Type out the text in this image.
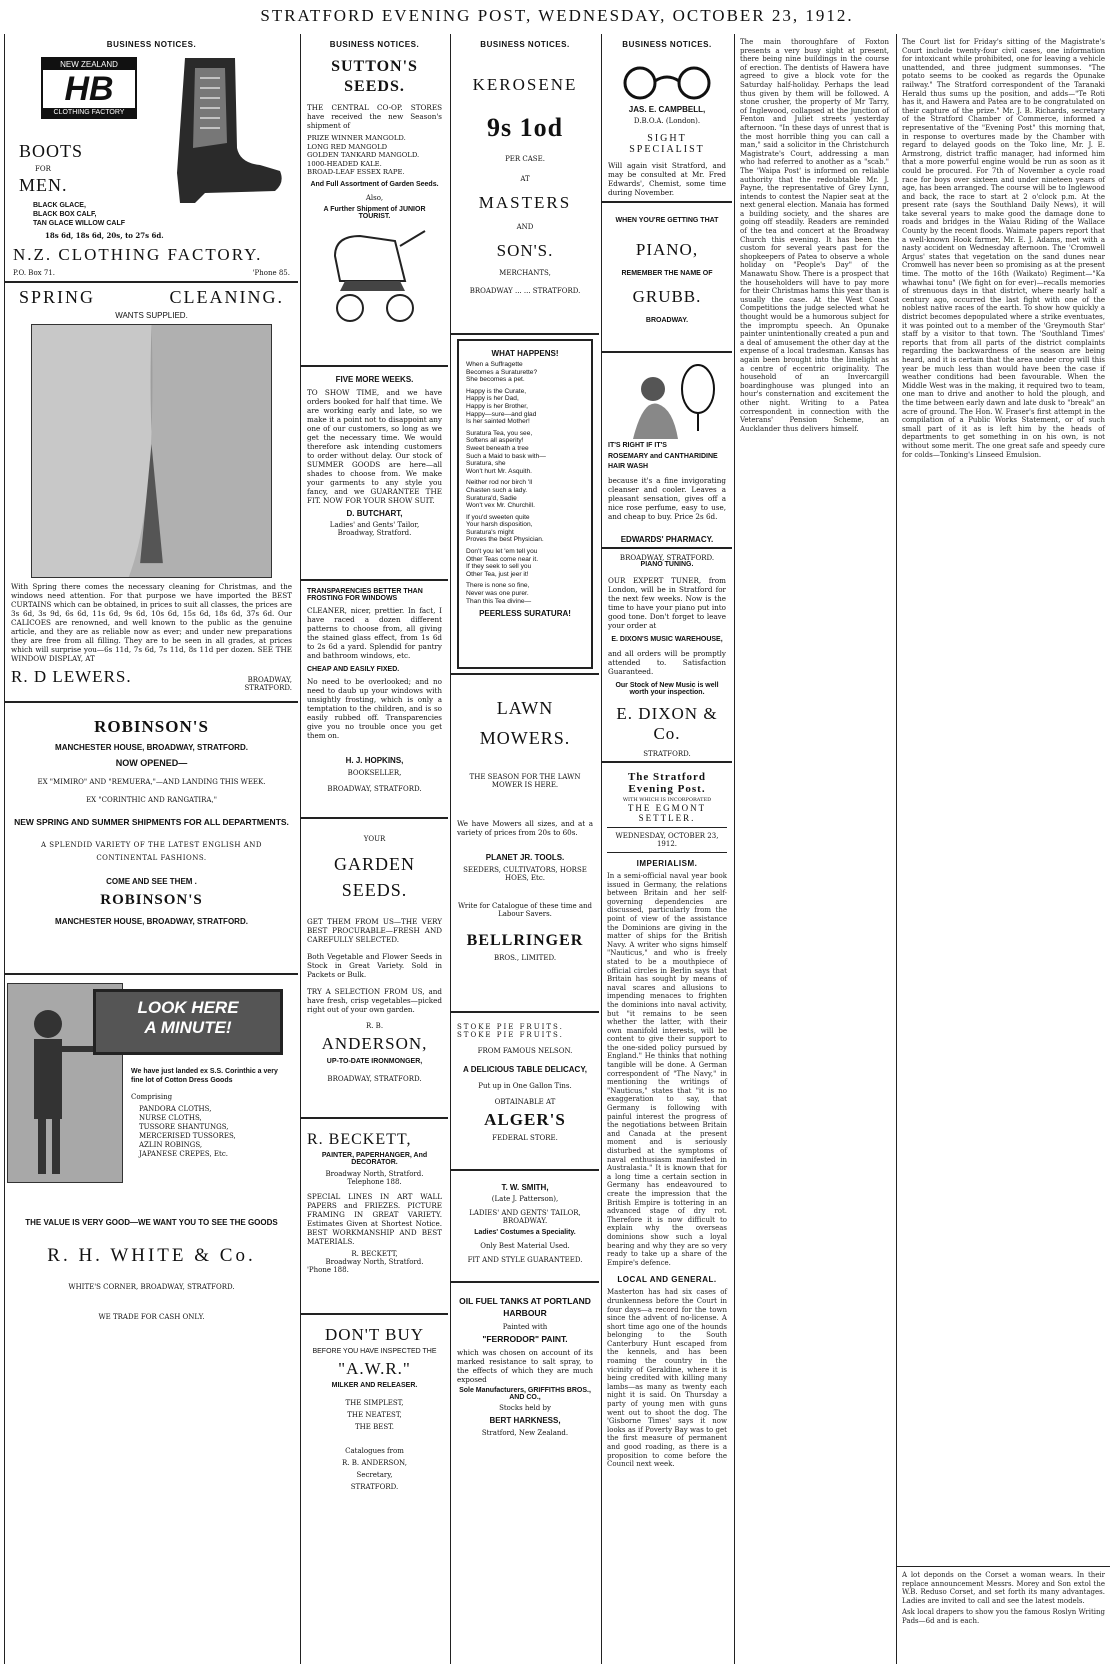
STRATFORD EVENING POST, WEDNESDAY, OCTOBER 23, 1912.
BUSINESS NOTICES.
NEW ZEALAND
HB
CLOTHING FACTORY
BOOTS
FOR
MEN.
BLACK GLACE,
BLACK BOX CALF,
TAN GLACE WILLOW CALF
18s 6d, 18s 6d, 20s, to 27s 6d.
N.Z. CLOTHING FACTORY.
P.O. Box 71.	'Phone 85.
SPRING	CLEANING.
WANTS SUPPLIED.
With Spring there comes the necessary cleaning for Christmas, and the windows need attention. For that purpose we have imported the BEST CURTAINS which can be obtained, in prices to suit all classes, the prices are 3s 6d, 3s 9d, 6s 6d, 11s 6d, 9s 6d, 10s 6d, 15s 6d, 18s 6d, 37s 6d. Our CALICOES are renowned, and well known to the public as the genuine article, and they are as reliable now as ever; and under new preparations they are free from all filling. They are to be seen in all grades, at prices which will surprise you—6s 11d, 7s 6d, 7s 11d, 8s 11d per dozen. SEE THE WINDOW DISPLAY, AT
R. D LEWERS.	BROADWAY,
STRATFORD.
ROBINSON'S
MANCHESTER HOUSE, BROADWAY, STRATFORD.
NOW OPENED—
EX "MIMIRO" AND "REMUERA,"—AND LANDING THIS WEEK.
EX "CORINTHIC AND RANGATIRA,"
NEW SPRING AND SUMMER SHIPMENTS FOR ALL DEPARTMENTS.
A SPLENDID VARIETY OF THE LATEST ENGLISH AND CONTINENTAL FASHIONS.
COME AND SEE THEM .
ROBINSON'S
MANCHESTER HOUSE, BROADWAY, STRATFORD.
LOOK HERE
A MINUTE!
We have just landed ex S.S. Corinthic a very fine lot of Cotton Dress Goods
Comprising
PANDORA CLOTHS,
NURSE CLOTHS,
TUSSORE SHANTUNGS,
MERCERISED TUSSORES,
AZLIN ROBINGS,
JAPANESE CREPES, Etc.
THE VALUE IS VERY GOOD—WE WANT YOU TO SEE THE GOODS
R. H. WHITE & Co.
WHITE'S CORNER, BROADWAY, STRATFORD.
WE TRADE FOR CASH ONLY.
BUSINESS NOTICES.
SUTTON'S SEEDS.
THE CENTRAL CO-OP. STORES have received the new Season's shipment of
PRIZE WINNER MANGOLD.
LONG RED MANGOLD
GOLDEN TANKARD MANGOLD.
1000-HEADED KALE.
BROAD-LEAF ESSEX RAPE.
And Full Assortment of Garden Seeds.
Also,
A Further Shipment of JUNIOR TOURIST.
FIVE MORE WEEKS.
TO SHOW TIME, and we have orders booked for half that time. We are working early and late, so we make it a point not to disappoint any one of our customers, so long as we get the necessary time. We would therefore ask intending customers to order without delay. Our stock of SUMMER GOODS are here—all shades to choose from. We make your garments to any style you fancy, and we GUARANTEE THE FIT. NOW FOR YOUR SHOW SUIT.
D. BUTCHART,
Ladies' and Gents' Tailor,
Broadway, Stratford.
TRANSPARENCIES BETTER THAN FROSTING FOR WINDOWS
CLEANER, nicer, prettier. In fact, I have raced a dozen different patterns to choose from, all giving the stained glass effect, from 1s 6d to 2s 6d a yard. Splendid for pantry and bathroom windows, etc.
CHEAP AND EASILY FIXED.
No need to be overlooked; and no need to daub up your windows with unsightly frosting, which is only a temptation to the children, and is so easily rubbed off. Transparencies give you no trouble once you get them on.
H. J. HOPKINS,
BOOKSELLER,
BROADWAY, STRATFORD.
YOUR
GARDEN SEEDS.
GET THEM FROM US—THE VERY BEST PROCURABLE—FRESH AND CAREFULLY SELECTED.
Both Vegetable and Flower Seeds in Stock in Great Variety. Sold in Packets or Bulk.
TRY A SELECTION FROM US, and have fresh, crisp vegetables—picked right out of your own garden.
R. B.
ANDERSON,
UP-TO-DATE IRONMONGER,
BROADWAY, STRATFORD.
R. BECKETT,
PAINTER, PAPERHANGER, And DECORATOR.
Broadway North, Stratford. Telephone 188.
SPECIAL LINES IN ART WALL PAPERS and FRIEZES. PICTURE FRAMING IN GREAT VARIETY. Estimates Given at Shortest Notice. BEST WORKMANSHIP AND BEST MATERIALS.
R. BECKETT,
Broadway North, Stratford.
'Phone 188.
DON'T BUY
BEFORE YOU HAVE INSPECTED THE
"A.W.R."
MILKER AND RELEASER.
THE SIMPLEST,
THE NEATEST,
THE BEST.
Catalogues from
R. B. ANDERSON,
Secretary,
STRATFORD.
BUSINESS NOTICES.
KEROSENE
9s 1od
PER CASE.
AT
MASTERS
AND
SON'S.
MERCHANTS,
BROADWAY ... ... STRATFORD.
WHAT HAPPENS!
When a Suffragette
Becomes a Suraturette?
She becomes a pet.
Happy is the Curate,
Happy is her Dad,
Happy is her Brother,
Happy—sure—and glad
Is her sainted Mother!
Suratura Tea, you see,
Softens all asperity!
Sweet beneath a tree
Such a Maid to bask with—
Suratura, she
Won't hurt Mr. Asquith.
Neither rod nor birch 'll
Chasten such a lady.
Suratura'd, Sadie
Won't vex Mr. Churchill.
If you'd sweeten quite
Your harsh disposition,
Suratura's might
Proves the best Physician.
Don't you let 'em tell you
Other Teas come near it.
If they seek to sell you
Other Tea, just jeer it!
There is none so fine,
Never was one purer.
Than this Tea divine—
PEERLESS SURATURA!
LAWN MOWERS.
THE SEASON FOR THE LAWN MOWER IS HERE.
We have Mowers all sizes, and at a variety of prices from 20s to 60s.
PLANET JR. TOOLS.
SEEDERS, CULTIVATORS, HORSE HOES, Etc.
Write for Catalogue of these time and Labour Savers.
BELLRINGER
BROS., LIMITED.
STOKE PIE FRUITS.
STOKE PIE FRUITS.
FROM FAMOUS NELSON.
A DELICIOUS TABLE DELICACY,
Put up in One Gallon Tins.
OBTAINABLE AT
ALGER'S
FEDERAL STORE.
T. W. SMITH,
(Late J. Patterson),
LADIES' AND GENTS' TAILOR, BROADWAY.
Ladies' Costumes a Speciality.
Only Best Material Used.
FIT AND STYLE GUARANTEED.
OIL FUEL TANKS AT PORTLAND HARBOUR
Painted with
"FERRODOR" PAINT.
which was chosen on account of its marked resistance to salt spray, to the effects of which they are much exposed
Sole Manufacturers, GRIFFITHS BROS., AND CO.,
Stocks held by
BERT HARKNESS,
Stratford, New Zealand.
BUSINESS NOTICES.
JAS. E. CAMPBELL,
D.B.O.A. (London).
SIGHT SPECIALIST
Will again visit Stratford, and may be consulted at Mr. Fred Edwards', Chemist, some time during November.
WHEN YOU'RE GETTING THAT
PIANO,
REMEMBER THE NAME OF
GRUBB.
BROADWAY.
IT'S RIGHT IF IT'S
ROSEMARY and CANTHARIDINE HAIR WASH
because it's a fine invigorating cleanser and cooler. Leaves a pleasant sensation, gives off a nice rose perfume, easy to use, and cheap to buy. Price 2s 6d.
EDWARDS' PHARMACY.
BROADWAY, STRATFORD.
PIANO TUNING.
OUR EXPERT TUNER, from London, will be in Stratford for the next few weeks. Now is the time to have your piano put into good tone. Don't forget to leave your order at
E. DIXON'S MUSIC WAREHOUSE,
and all orders will be promptly attended to. Satisfaction Guaranteed.
Our Stock of New Music is well worth your inspection.
E. DIXON & Co.
STRATFORD.
The Stratford Evening Post.
WITH WHICH IS INCORPORATED
THE EGMONT SETTLER.
WEDNESDAY, OCTOBER 23, 1912.
IMPERIALISM.
In a semi-official naval year book issued in Germany, the relations between Britain and her self-governing dependencies are discussed, particularly from the point of view of the assistance the Dominions are giving in the matter of ships for the British Navy. A writer who signs himself "Nauticus," and who is freely stated to be a mouthpiece of official circles in Berlin says that Britain has sought by means of naval scares and allusions to impending menaces to frighten the dominions into naval activity, but "it remains to be seen whether the latter, with their own manifold interests, will be content to give their support to the one-sided policy pursued by England." He thinks that nothing tangible will be done. A German correspondent of "The Navy," in mentioning the writings of "Nauticus," states that "it is no exaggeration to say, that Germany is following with painful interest the progress of the negotiations between Britain and Canada at the present moment and is seriously disturbed at the symptoms of naval enthusiasm manifested in Australasia." It is known that for a long time a certain section in Germany has endeavoured to create the impression that the British Empire is tottering in an advanced stage of dry rot. Therefore it is now difficult to explain why the overseas dominions show such a loyal bearing and why they are so very ready to take up a share of the Empire's defence.
LOCAL AND GENERAL.
Masterton has had six cases of drunkenness before the Court in four days—a record for the town since the advent of no-license. A short time ago one of the hounds belonging to the South Canterbury Hunt escaped from the kennels, and has been roaming the country in the vicinity of Geraldine, where it is being credited with killing many lambs—as many as twenty each night it is said. On Thursday a party of young men with guns went out to shoot the dog. The 'Gisborne Times' says it now looks as if Poverty Bay was to get the first measure of permanent and good roading, as there is a proposition to come before the Council next week.
The main thoroughfare of Foxton presents a very busy sight at present, there being nine buildings in the course of erection. The dentists of Hawera have agreed to give a block vote for the Saturday half-holiday. Perhaps the lead thus given by them will be followed. A stone crusher, the property of Mr Tarry, of Inglewood, collapsed at the junction of Fenton and Juliet streets yesterday afternoon. "In these days of unrest that is the most horrible thing you can call a man," said a solicitor in the Christchurch Magistrate's Court, addressing a man who had referred to another as a "scab." The 'Waipa Post' is informed on reliable authority that the redoubtable Mr. J. Payne, the representative of Grey Lynn, intends to contest the Napier seat at the next general election. Manaia has formed a building society, and the shares are going off steadily. Readers are reminded of the tea and concert at the Broadway Church this evening. It has been the custom for several years past for the shopkeepers of Patea to observe a whole holiday on "People's Day" of the Manawatu Show. There is a prospect that the householders will have to pay more for their Christmas hams this year than is usually the case. At the West Coast Competitions the judge selected what he thought would be a humorous subject for the impromptu speech. An Opunake painter unintentionally created a pun and a deal of amusement the other day at the expense of a local tradesman. Kansas has again been brought into the limelight as a centre of eccentric originality. The household of an Invercargill boardinghouse was plunged into an hour's consternation and excitement the other night. Writing to a Patea correspondent in connection with the Veterans' Pension Scheme, an Aucklander thus delivers himself.
The Court list for Friday's sitting of the Magistrate's Court include twenty-four civil cases, one information for intoxicant while prohibited, one for leaving a vehicle unattended, and three judgment summonses. "The potato seems to be cooked as regards the Opunake railway." The Stratford correspondent of the Taranaki Herald thus sums up the position, and adds—"Te Roti has it, and Hawera and Patea are to be congratulated on their capture of the prize." Mr. J. B. Richards, secretary of the Stratford Chamber of Commerce, informed a representative of the "Evening Post" this morning that, in response to overtures made by the Chamber with regard to delayed goods on the Toko line, Mr. J. E. Armstrong, district traffic manager, had informed him that a more powerful engine would be run as soon as it could be procured. For 7th of November a cycle road race for boys over sixteen and under nineteen years of age, has been arranged. The course will be to Inglewood and back, the race to start at 2 o'clock p.m. At the present rate (says the Southland Daily News), it will take several years to make good the damage done to roads and bridges in the Waiau Riding of the Wallace County by the recent floods. Waimate papers report that a well-known Hook farmer, Mr. E. J. Adams, met with a nasty accident on Wednesday afternoon. The 'Cromwell Argus' states that vegetation on the sand dunes near Cromwell has never been so promising as at the present time. The motto of the 16th (Waikato) Regiment—"Ka whawhai tonu" (We fight on for ever)—recalls memories of strenuous days in that district, where nearly half a century ago, occurred the last fight with one of the noblest native races of the earth. To show how quickly a district becomes depopulated where a strike eventuates, it was pointed out to a member of the 'Greymouth Star' staff by a visitor to that town. The 'Southland Times' reports that from all parts of the district complaints regarding the backwardness of the season are being heard, and it is certain that the area under crop will this year be much less than would have been the case if weather conditions had been favourable. When the Middle West was in the making, it required two to team, one man to drive and another to hold the plough, and the time between early dawn and late dusk to "break" an acre of ground. The Hon. W. Fraser's first attempt in the compilation of a Public Works Statement, or of such small part of it as is left him by the heads of departments to get something in on his own, is not without some merit. The one great safe and speedy cure for colds—Tonking's Linseed Emulsion.
A lot deponds on the Corset a woman wears. In their replace announcement Messrs. Morey and Son extol the W.B. Reduso Corset, and set forth its many advantages. Ladies are invited to call and see the latest models.
Ask local drapers to show you the famous Roslyn Writing Pads—6d and is each.
